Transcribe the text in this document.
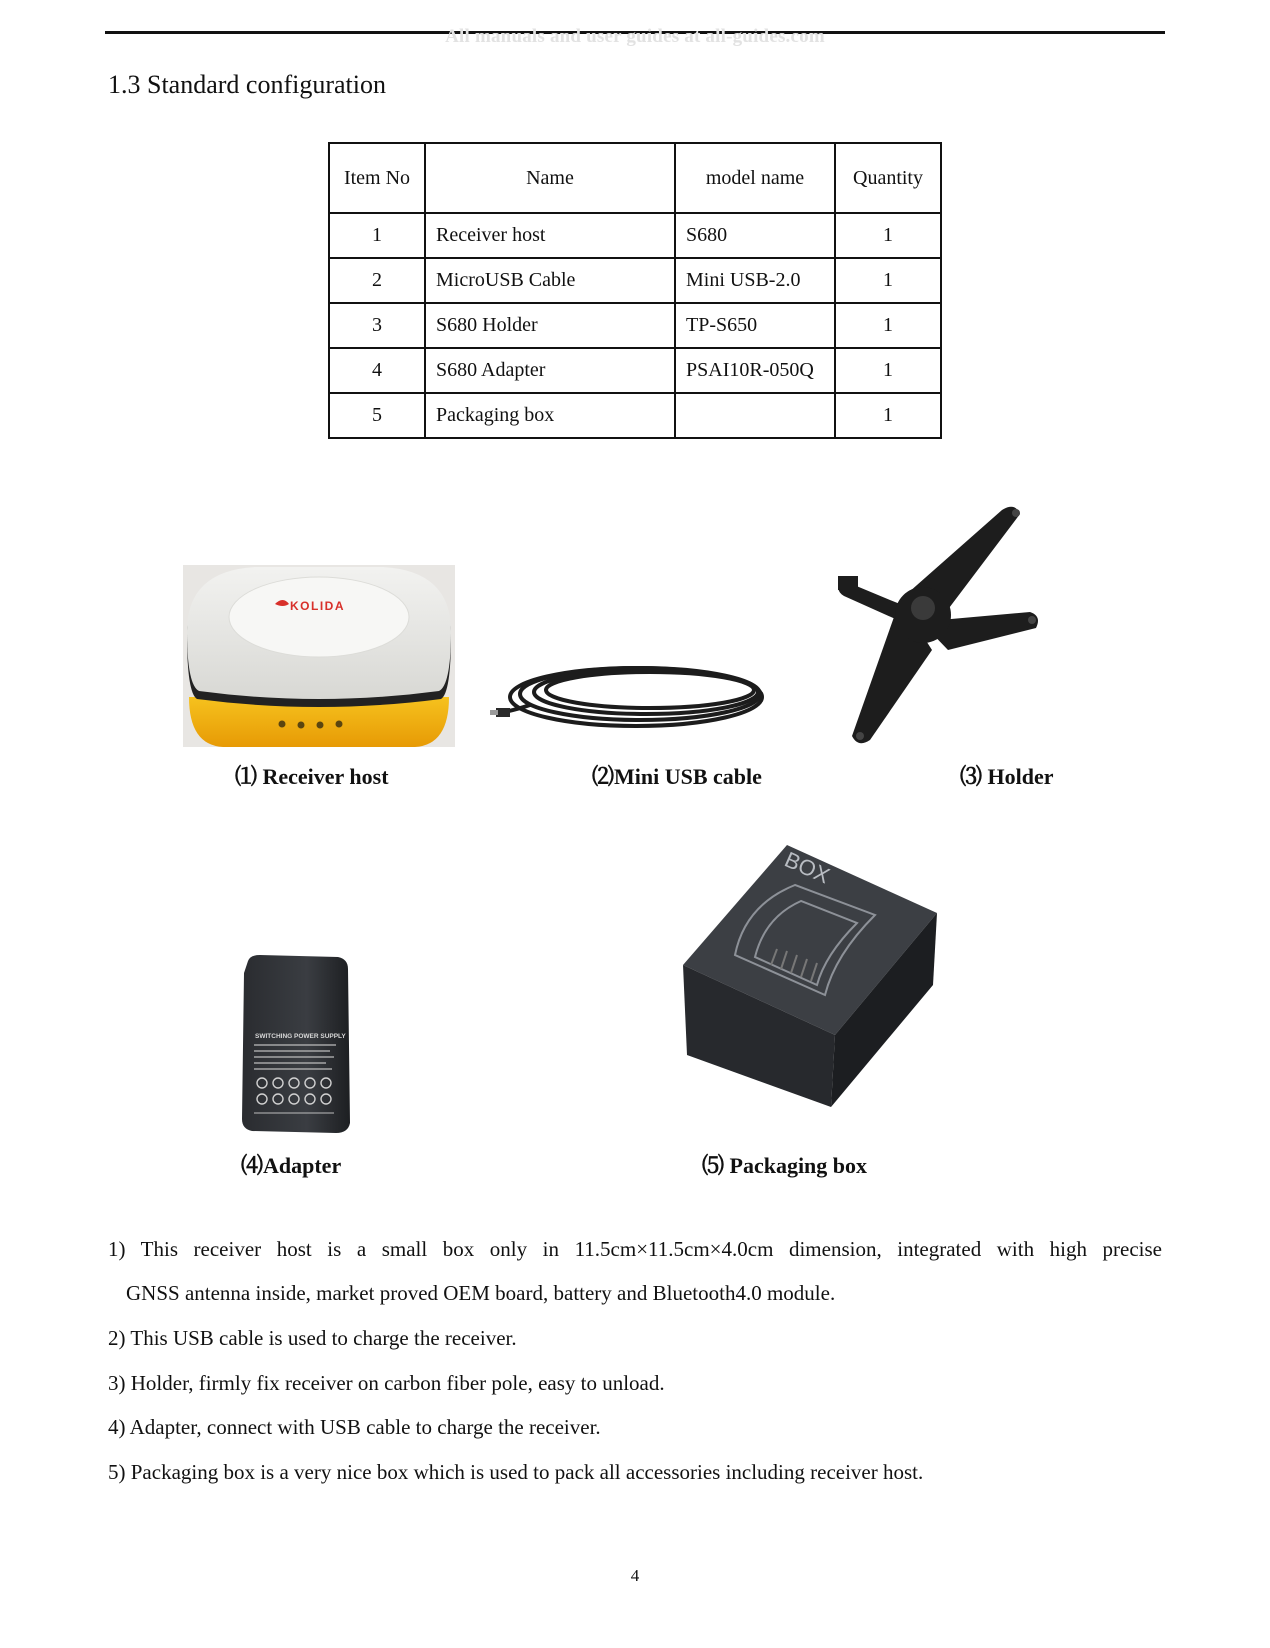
All manuals and user guides at all-guides.com
1.3 Standard configuration
Item No	Name	model name	Quantity
1	Receiver host	S680	1
2	MicroUSB Cable	Mini USB-2.0	1
3	S680 Holder	TP-S650	1
4	S680 Adapter	PSAI10R-050Q	1
5	Packaging box		1
KOLIDA
⑴ Receiver host	⑵Mini USB cable	⑶ Holder
SWITCHING POWER SUPPLY
⑷Adapter
BOX
⑸ Packaging box
1) This receiver host is a small box only in 11.5cm×11.5cm×4.0cm dimension, integrated with high precise
GNSS antenna inside, market proved OEM board, battery and Bluetooth4.0 module.
2) This USB cable is used to charge the receiver.
3) Holder, firmly fix receiver on carbon fiber pole, easy to unload.
4) Adapter, connect with USB cable to charge the receiver.
5) Packaging box is a very nice box which is used to pack all accessories including receiver host.
4
